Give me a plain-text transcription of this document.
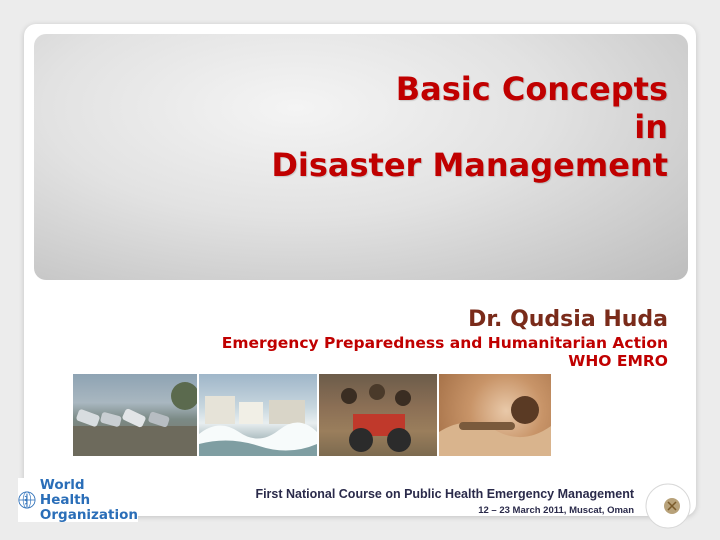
Basic Concepts
in
Disaster Management
Dr. Qudsia Huda
Emergency Preparedness and Humanitarian Action
WHO EMRO
World Health
Organization
First National Course on Public Health Emergency Management
12 – 23 March 2011, Muscat, Oman
